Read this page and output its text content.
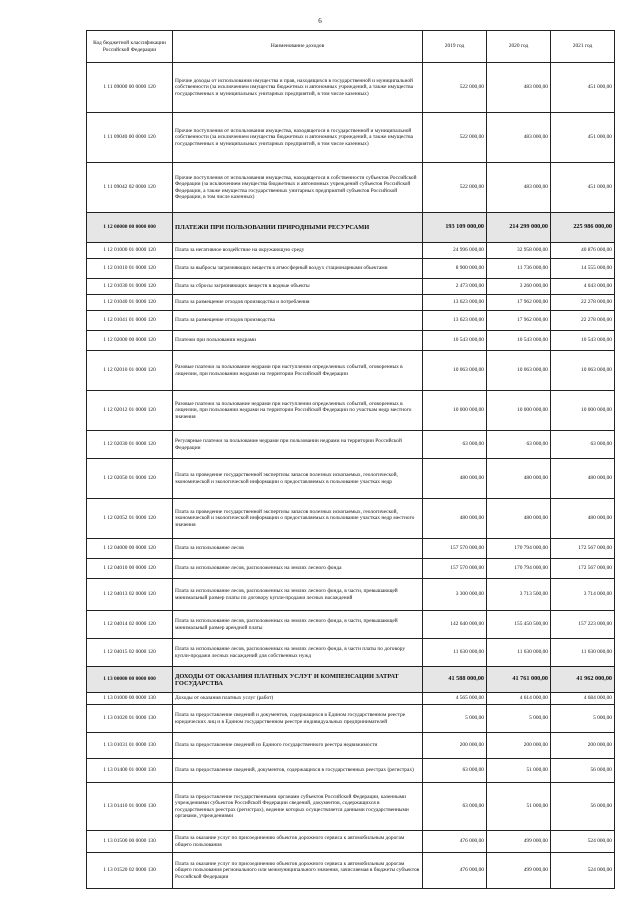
6
Код бюджетной классификации Российской Федерации	Наименование доходов	2019 год	2020 год	2021 год
1 11 09000 00 0000 120	Прочие доходы от использования имущества и прав, находящихся в государственной и муниципальной собственности (за исключением имущества бюджетных и автономных учреждений, а также имущества государственных и муниципальных унитарных предприятий, в том числе казенных)	522 000,00	483 000,00	451 000,00
1 11 09040 00 0000 120	Прочие поступления от использования имущества, находящегося в государственной и муниципальной собственности (за исключением имущества бюджетных и автономных учреждений, а также имущества государственных и муниципальных унитарных предприятий, в том числе казенных)	522 000,00	483 000,00	451 000,00
1 11 09042 02 0000 120	Прочие поступления от использования имущества, находящегося в собственности субъектов Российской Федерации (за исключением имущества бюджетных и автономных учреждений субъектов Российской Федерации, а также имущества государственных унитарных предприятий субъектов Российской Федерации, в том числе казенных)	522 000,00	483 000,00	451 000,00
1 12 00000 00 0000 000	ПЛАТЕЖИ ПРИ ПОЛЬЗОВАНИИ ПРИРОДНЫМИ РЕСУРСАМИ	193 109 000,00	214 299 000,00	225 986 000,00
1 12 01000 01 0000 120	Плата за негативное воздействие на окружающую среду	24 996 000,00	32 958 000,00	40 876 000,00
1 12 01010 01 0000 120	Плата за выбросы загрязняющих веществ в атмосферный воздух стационарными объектами	8 900 000,00	11 736 000,00	14 555 000,00
1 12 01030 01 0000 120	Плата за сбросы загрязняющих веществ в водные объекты	2 473 000,00	3 260 000,00	4 043 000,00
1 12 01040 01 0000 120	Плата за размещение отходов производства и потребления	13 623 000,00	17 962 000,00	22 278 000,00
1 12 01041 01 0000 120	Плата за размещение отходов производства	13 623 000,00	17 962 000,00	22 278 000,00
1 12 02000 00 0000 120	Платежи при пользовании недрами	10 543 000,00	10 543 000,00	10 543 000,00
1 12 02010 01 0000 120	Разовые платежи за пользование недрами при наступлении определенных событий, оговоренных в лицензии, при пользовании недрами на территории Российской Федерации	10 063 000,00	10 063 000,00	10 063 000,00
1 12 02012 01 0000 120	Разовые платежи за пользование недрами при наступлении определенных событий, оговоренных в лицензии, при пользовании недрами на территории Российской Федерации по участкам недр местного значения	10 000 000,00	10 000 000,00	10 000 000,00
1 12 02030 01 0000 120	Регулярные платежи за пользование недрами при пользовании недрами на территории Российской Федерации	63 000,00	63 000,00	63 000,00
1 12 02050 01 0000 120	Плата за проведение государственной экспертизы запасов полезных ископаемых, геологической, экономической и экологической информации о предоставляемых в пользование участках недр	480 000,00	480 000,00	480 000,00
1 12 02052 01 0000 120	Плата за проведение государственной экспертизы запасов полезных ископаемых, геологической, экономической и экологической информации о предоставляемых в пользование участках недр местного значения	480 000,00	480 000,00	480 000,00
1 12 04000 00 0000 120	Плата за использование лесов	157 570 000,00	170 794 000,00	172 567 000,00
1 12 04010 00 0000 120	Плата за использование лесов, расположенных на землях лесного фонда	157 570 000,00	170 794 000,00	172 567 000,00
1 12 04013 02 0000 120	Плата за использование лесов, расположенных на землях лесного фонда, в части, превышающей минимальный размер платы по договору купли-продажи лесных насаждений	3 300 000,00	3 713 500,00	3 714 000,00
1 12 04014 02 0000 120	Плата за использование лесов, расположенных на землях лесного фонда, в части, превышающей минимальный размер арендной платы	142 640 000,00	155 450 500,00	157 223 000,00
1 12 04015 02 0000 120	Плата за использование лесов, расположенных на землях лесного фонда, в части платы по договору купли-продажи лесных насаждений для собственных нужд	11 630 000,00	11 630 000,00	11 630 000,00
1 13 00000 00 0000 000	ДОХОДЫ ОТ ОКАЗАНИЯ ПЛАТНЫХ УСЛУГ И КОМПЕНСАЦИИ ЗАТРАТ ГОСУДАРСТВА	41 588 000,00	41 761 000,00	41 962 000,00
1 13 01000 00 0000 130	Доходы от оказания платных услуг (работ)	4 565 000,00	4 614 000,00	4 684 000,00
1 13 01020 01 0000 130	Плата за предоставление сведений и документов, содержащихся в Едином государственном реестре юридических лиц и в Едином государственном реестре индивидуальных предпринимателей	5 000,00	5 000,00	5 000,00
1 13 01031 01 0000 130	Плата за предоставление сведений из Единого государственного реестра недвижимости	200 000,00	200 000,00	200 000,00
1 13 01400 01 0000 130	Плата за предоставление сведений, документов, содержащихся в государственных реестрах (регистрах)	63 000,00	51 000,00	56 000,00
1 13 01410 01 0000 130	Плата за предоставление государственными органами субъектов Российской Федерации, казенными учреждениями субъектов Российской Федерации сведений, документов, содержащихся в государственных реестрах (регистрах), ведение которых осуществляется данными государственными органами, учреждениями	63 000,00	51 000,00	56 000,00
1 13 01500 00 0000 130	Плата за оказание услуг по присоединению объектов дорожного сервиса к автомобильным дорогам общего пользования	476 000,00	499 000,00	524 000,00
1 13 01520 02 0000 130	Плата за оказание услуг по присоединению объектов дорожного сервиса к автомобильным дорогам общего пользования регионального или межмуниципального значения, зачисляемая в бюджеты субъектов Российской Федерации	476 000,00	499 000,00	524 000,00
